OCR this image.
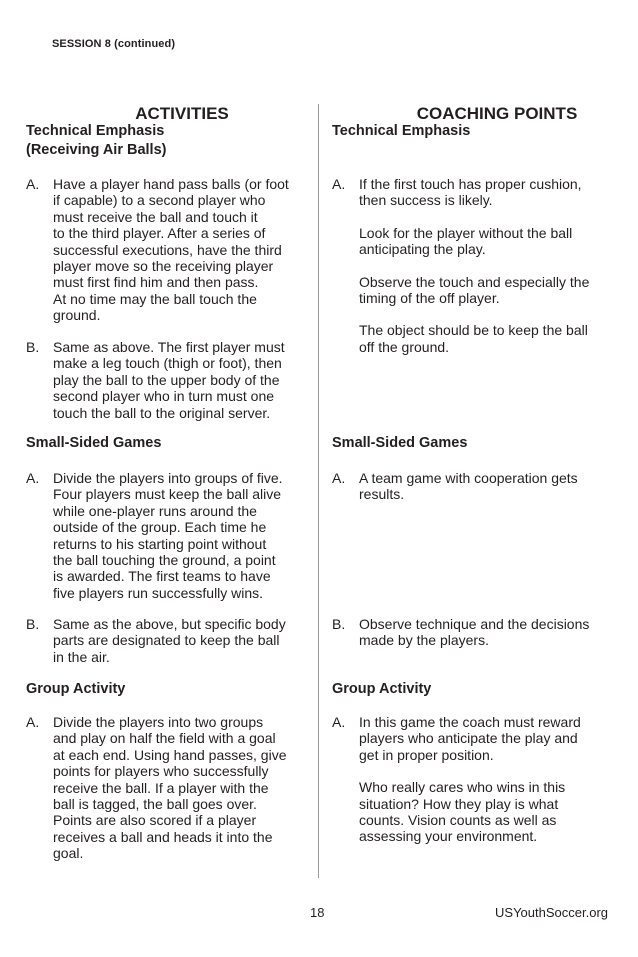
SESSION 8 (continued)
ACTIVITIES
Technical Emphasis
(Receiving Air Balls)
A. Have a player hand pass balls (or foot
if capable) to a second player who
must receive the ball and touch it
to the third player. After a series of
successful executions, have the third
player move so the receiving player
must first find him and then pass.
At no time may the ball touch the
ground.

B. Same as above. The first player must
make a leg touch (thigh or foot), then
play the ball to the upper body of the
second player who in turn must one
touch the ball to the original server.

Small-Sided Games
A. Divide the players into groups of five.
Four players must keep the ball alive
while one-player runs around the
outside of the group. Each time he
returns to his starting point without
the ball touching the ground, a point
is awarded. The first teams to have
five players run successfully wins.

B. Same as the above, but specific body
parts are designated to keep the ball
in the air.

Group Activity
A. Divide the players into two groups
and play on half the field with a goal
at each end. Using hand passes, give
points for players who successfully
receive the ball. If a player with the
ball is tagged, the ball goes over.
Points are also scored if a player
receives a ball and heads it into the
goal.

COACHING POINTS
Technical Emphasis
A. If the first touch has proper cushion,
then success is likely.

Look for the player without the ball
anticipating the play.

Observe the touch and especially the
timing of the off player.

The object should be to keep the ball
off the ground.

Small-Sided Games
A. A team game with cooperation gets
results.

B. Observe technique and the decisions
made by the players.

Group Activity
A. In this game the coach must reward
players who anticipate the play and
get in proper position.

Who really cares who wins in this
situation? How they play is what
counts. Vision counts as well as
assessing your environment.

18	USYouthSoccer.org
